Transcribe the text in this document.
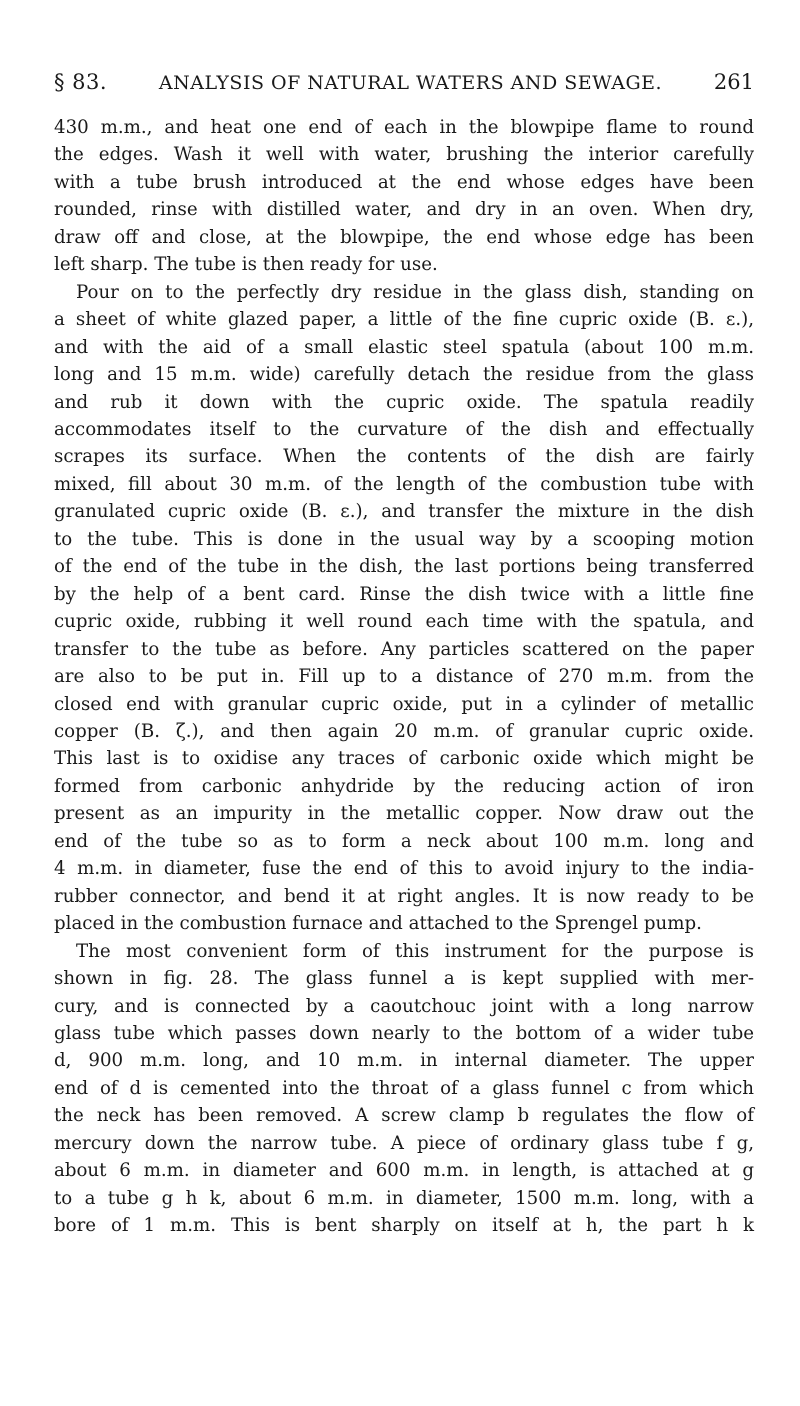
§ 83.	ANALYSIS OF NATURAL WATERS AND SEWAGE. 261
430 m.m., and heat one end of each in the blowpipe flame to round
the edges. Wash it well with water, brushing the interior carefully
with a tube brush introduced at the end whose edges have been
rounded, rinse with distilled water, and dry in an oven. When dry,
draw off and close, at the blowpipe, the end whose edge has been
left sharp. The tube is then ready for use.
Pour on to the perfectly dry residue in the glass dish, standing on
a sheet of white glazed paper, a little of the fine cupric oxide (B. ε.),
and with the aid of a small elastic steel spatula (about 100 m.m.
long and 15 m.m. wide) carefully detach the residue from the glass
and rub it down with the cupric oxide. The spatula readily
accommodates itself to the curvature of the dish and effectually
scrapes its surface. When the contents of the dish are fairly
mixed, fill about 30 m.m. of the length of the combustion tube with
granulated cupric oxide (B. ε.), and transfer the mixture in the dish
to the tube. This is done in the usual way by a scooping motion
of the end of the tube in the dish, the last portions being transferred
by the help of a bent card. Rinse the dish twice with a little fine
cupric oxide, rubbing it well round each time with the spatula, and
transfer to the tube as before. Any particles scattered on the paper
are also to be put in. Fill up to a distance of 270 m.m. from the
closed end with granular cupric oxide, put in a cylinder of metallic
copper (B. ζ.), and then again 20 m.m. of granular cupric oxide.
This last is to oxidise any traces of carbonic oxide which might be
formed from carbonic anhydride by the reducing action of iron
present as an impurity in the metallic copper. Now draw out the
end of the tube so as to form a neck about 100 m.m. long and
4 m.m. in diameter, fuse the end of this to avoid injury to the india-
rubber connector, and bend it at right angles. It is now ready to be
placed in the combustion furnace and attached to the Sprengel pump.
The most convenient form of this instrument for the purpose is
shown in fig. 28. The glass funnel a is kept supplied with mer-
cury, and is connected by a caoutchouc joint with a long narrow
glass tube which passes down nearly to the bottom of a wider tube
d, 900 m.m. long, and 10 m.m. in internal diameter. The upper
end of d is cemented into the throat of a glass funnel c from which
the neck has been removed. A screw clamp b regulates the flow of
mercury down the narrow tube. A piece of ordinary glass tube f g,
about 6 m.m. in diameter and 600 m.m. in length, is attached at g
to a tube g h k, about 6 m.m. in diameter, 1500 m.m. long, with a
bore of 1 m.m. This is bent sharply on itself at h, the part h k
